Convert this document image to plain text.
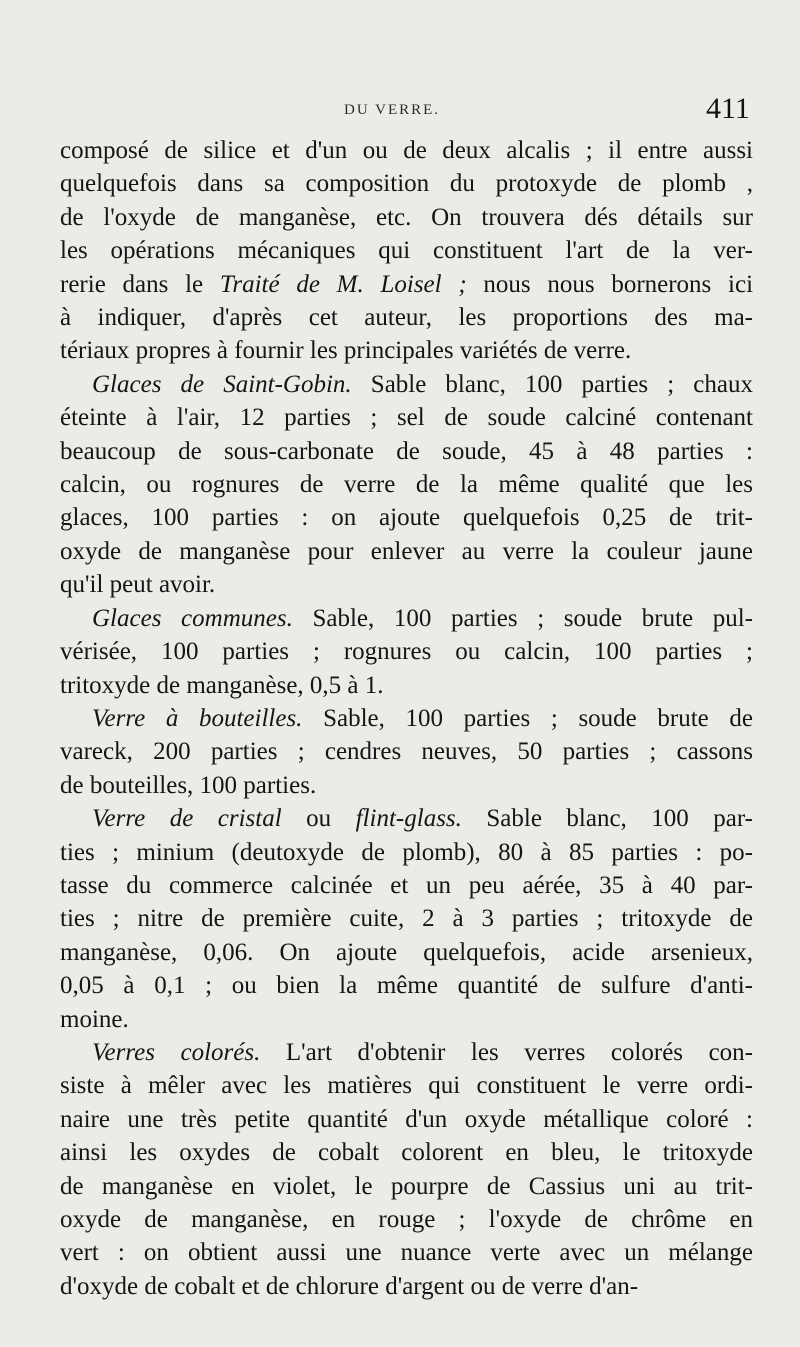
DU VERRE.	411
composé de silice et d'un ou de deux alcalis ; il entre aussi
quelquefois dans sa composition du protoxyde de plomb ,
de l'oxyde de manganèse, etc. On trouvera dés détails sur
les opérations mécaniques qui constituent l'art de la ver-
rerie dans le Traité de M. Loisel ; nous nous bornerons ici
à indiquer, d'après cet auteur, les proportions des ma-
tériaux propres à fournir les principales variétés de verre.
Glaces de Saint-Gobin. Sable blanc, 100 parties ; chaux
éteinte à l'air, 12 parties ; sel de soude calciné contenant
beaucoup de sous-carbonate de soude, 45 à 48 parties :
calcin, ou rognures de verre de la même qualité que les
glaces, 100 parties : on ajoute quelquefois 0,25 de trit-
oxyde de manganèse pour enlever au verre la couleur jaune
qu'il peut avoir.
Glaces communes. Sable, 100 parties ; soude brute pul-
vérisée, 100 parties ; rognures ou calcin, 100 parties ;
tritoxyde de manganèse, 0,5 à 1.
Verre à bouteilles. Sable, 100 parties ; soude brute de
vareck, 200 parties ; cendres neuves, 50 parties ; cassons
de bouteilles, 100 parties.
Verre de cristal ou flint-glass. Sable blanc, 100 par-
ties ; minium (deutoxyde de plomb), 80 à 85 parties : po-
tasse du commerce calcinée et un peu aérée, 35 à 40 par-
ties ; nitre de première cuite, 2 à 3 parties ; tritoxyde de
manganèse, 0,06. On ajoute quelquefois, acide arsenieux,
0,05 à 0,1 ; ou bien la même quantité de sulfure d'anti-
moine.
Verres colorés. L'art d'obtenir les verres colorés con-
siste à mêler avec les matières qui constituent le verre ordi-
naire une très petite quantité d'un oxyde métallique coloré :
ainsi les oxydes de cobalt colorent en bleu, le tritoxyde
de manganèse en violet, le pourpre de Cassius uni au trit-
oxyde de manganèse, en rouge ; l'oxyde de chrôme en
vert : on obtient aussi une nuance verte avec un mélange
d'oxyde de cobalt et de chlorure d'argent ou de verre d'an-
